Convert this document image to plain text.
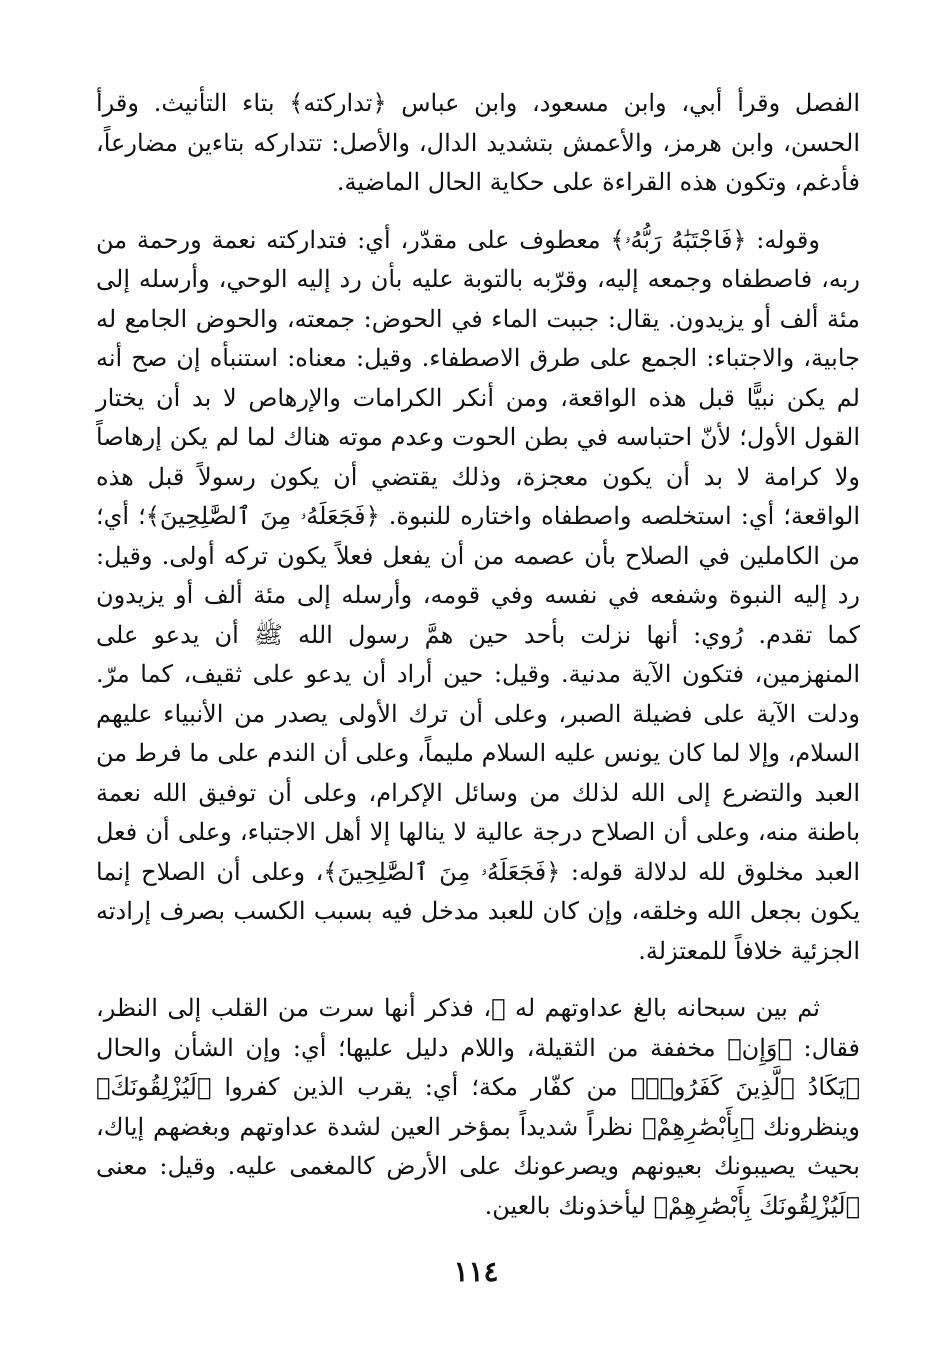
الفصل وقرأ أبي، وابن مسعود، وابن عباس ﴿تداركته﴾ بتاء التأنيث. وقرأ الحسن، وابن هرمز، والأعمش بتشديد الدال، والأصل: تتداركه بتاءين مضارعاً، فأدغم، وتكون هذه القراءة على حكاية الحال الماضية.

وقوله: ﴿فَاجْتَبَٰهُ رَبُّهُۥ﴾ معطوف على مقدّر، أي: فتداركته نعمة ورحمة من ربه، فاصطفاه وجمعه إليه، وقرّبه بالتوبة عليه بأن رد إليه الوحي، وأرسله إلى مئة ألف أو يزيدون. يقال: جببت الماء في الحوض: جمعته، والحوض الجامع له جابية، والاجتباء: الجمع على طرق الاصطفاء. وقيل: معناه: استنبأه إن صح أنه لم يكن نبيًّا قبل هذه الواقعة، ومن أنكر الكرامات والإرهاص لا بد أن يختار القول الأول؛ لأنّ احتباسه في بطن الحوت وعدم موته هناك لما لم يكن إرهاصاً ولا كرامة لا بد أن يكون معجزة، وذلك يقتضي أن يكون رسولاً قبل هذه الواقعة؛ أي: استخلصه واصطفاه واختاره للنبوة. ﴿فَجَعَلَهُۥ مِنَ ٱلصَّٰلِحِينَ﴾؛ أي؛ من الكاملين في الصلاح بأن عصمه من أن يفعل فعلاً يكون تركه أولى. وقيل: رد إليه النبوة وشفعه في نفسه وفي قومه، وأرسله إلى مئة ألف أو يزيدون كما تقدم. رُوي: أنها نزلت بأحد حين همَّ رسول الله ﷺ أن يدعو على المنهزمين، فتكون الآية مدنية. وقيل: حين أراد أن يدعو على ثقيف، كما مرّ. ودلت الآية على فضيلة الصبر، وعلى أن ترك الأولى يصدر من الأنبياء عليهم السلام، وإلا لما كان يونس عليه السلام مليماً، وعلى أن الندم على ما فرط من العبد والتضرع إلى الله لذلك من وسائل الإكرام، وعلى أن توفيق الله نعمة باطنة منه، وعلى أن الصلاح درجة عالية لا ينالها إلا أهل الاجتباء، وعلى أن فعل العبد مخلوق لله لدلالة قوله: ﴿فَجَعَلَهُۥ مِنَ ٱلصَّٰلِحِينَ﴾، وعلى أن الصلاح إنما يكون بجعل الله وخلقه، وإن كان للعبد مدخل فيه بسبب الكسب بصرف إرادته الجزئية خلافاً للمعتزلة.

ثم بين سبحانه بالغ عداوتهم له ﷺ، فذكر أنها سرت من القلب إلى النظر، فقال: ﴿وَإِن﴾ مخففة من الثقيلة، واللام دليل عليها؛ أي: وإن الشأن والحال ﴿يَكَادُ ٱلَّذِينَ كَفَرُوا۟﴾ من كفّار مكة؛ أي: يقرب الذين كفروا ﴿لَيُزْلِقُونَكَ﴾ وينظرونك ﴿بِأَبْصَٰرِهِمْ﴾ نظراً شديداً بمؤخر العين لشدة عداوتهم وبغضهم إياك، بحيث يصيبونك بعيونهم ويصرعونك على الأرض كالمغمى عليه. وقيل: معنى ﴿لَيُزْلِقُونَكَ بِأَبْصَٰرِهِمْ﴾ ليأخذونك بالعين.

١١٤
